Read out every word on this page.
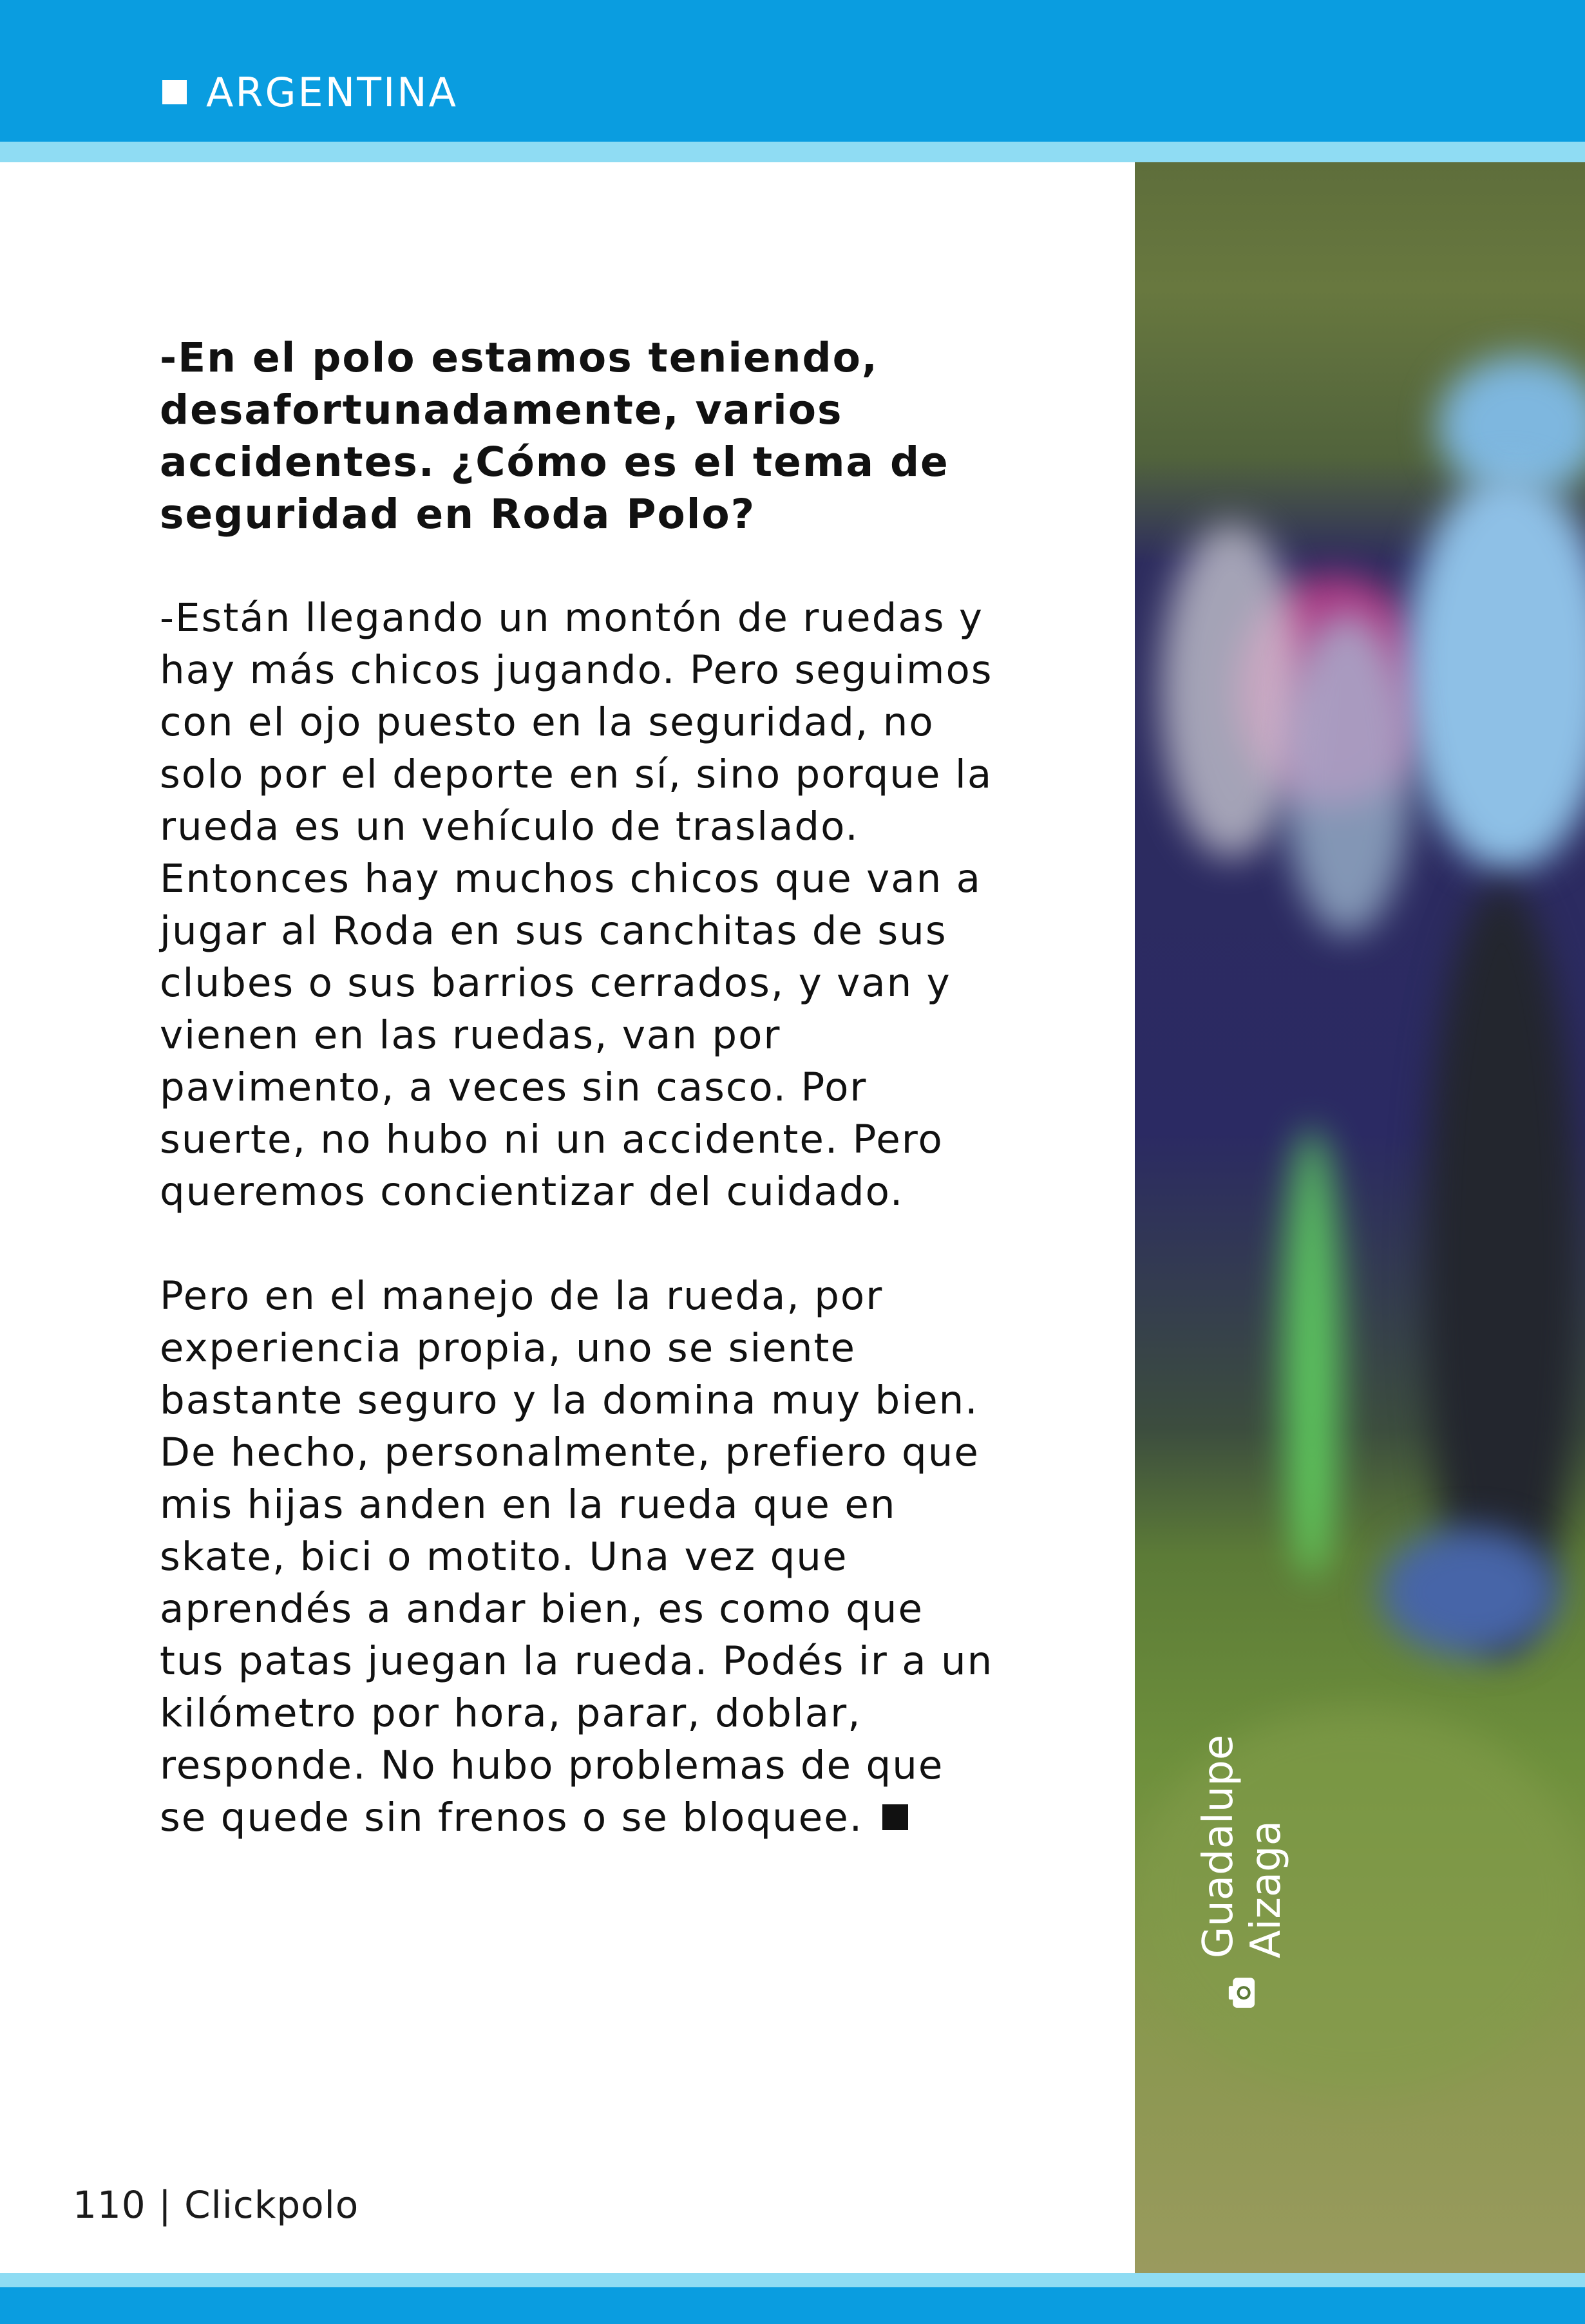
ARGENTINA
Guadalupe Aizaga

-En el polo estamos teniendo, desafortunadamente, varios accidentes. ¿Cómo es el tema de seguridad en Roda Polo?

-Están llegando un montón de ruedas y hay más chicos jugando. Pero seguimos con el ojo puesto en la seguridad, no solo por el deporte en sí, sino porque la rueda es un vehículo de traslado. Entonces hay muchos chicos que van a jugar al Roda en sus canchitas de sus clubes o sus barrios cerrados, y van y vienen en las ruedas, van por pavimento, a veces sin casco. Por suerte, no hubo ni un accidente. Pero queremos concientizar del cuidado.

Pero en el manejo de la rueda, por experiencia propia, uno se siente bastante seguro y la domina muy bien. De hecho, personalmente, prefiero que mis hijas anden en la rueda que en skate, bici o motito. Una vez que aprendés a andar bien, es como que tus patas juegan la rueda. Podés ir a un kilómetro por hora, parar, doblar, responde. No hubo problemas de que se quede sin frenos o se bloquee.

110 | Clickpolo
